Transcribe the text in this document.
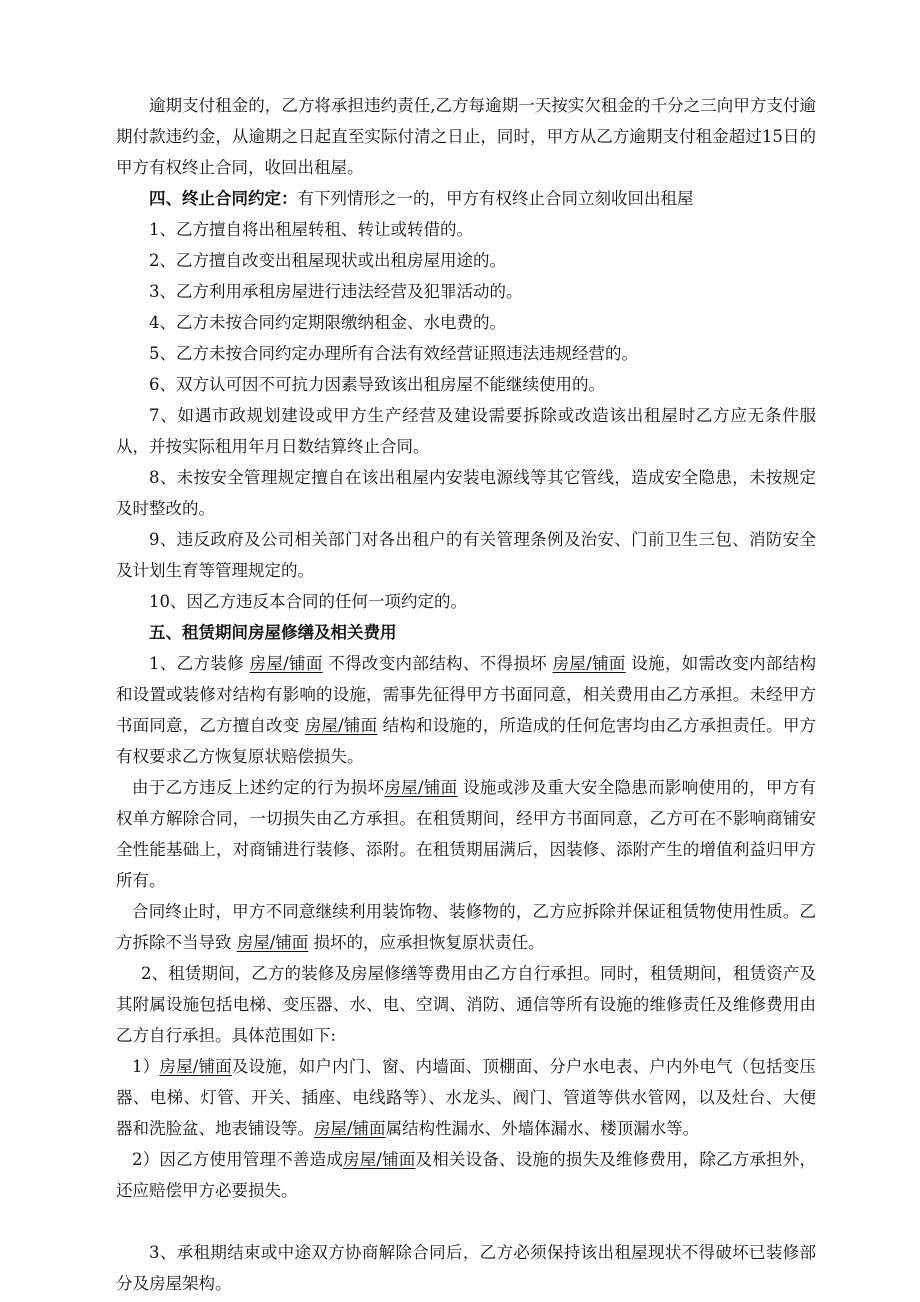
逾期支付租金的，乙方将承担违约责任,乙方每逾期一天按实欠租金的千分之三向甲方支付逾期付款违约金，从逾期之日起直至实际付清之日止，同时，甲方从乙方逾期支付租金超过15日的甲方有权终止合同，收回出租屋。

四、终止合同约定：有下列情形之一的，甲方有权终止合同立刻收回出租屋

1、乙方擅自将出租屋转租、转让或转借的。

2、乙方擅自改变出租屋现状或出租房屋用途的。

3、乙方利用承租房屋进行违法经营及犯罪活动的。

4、乙方未按合同约定期限缴纳租金、水电费的。

5、乙方未按合同约定办理所有合法有效经营证照违法违规经营的。

6、双方认可因不可抗力因素导致该出租房屋不能继续使用的。

7、如遇市政规划建设或甲方生产经营及建设需要拆除或改造该出租屋时乙方应无条件服从，并按实际租用年月日数结算终止合同。

8、未按安全管理规定擅自在该出租屋内安装电源线等其它管线，造成安全隐患，未按规定及时整改的。

9、违反政府及公司相关部门对各出租户的有关管理条例及治安、门前卫生三包、消防安全及计划生育等管理规定的。

10、因乙方违反本合同的任何一项约定的。

五、租赁期间房屋修缮及相关费用

1、乙方装修 房屋/铺面 不得改变内部结构、不得损坏 房屋/铺面 设施，如需改变内部结构和设置或装修对结构有影响的设施，需事先征得甲方书面同意，相关费用由乙方承担。未经甲方书面同意，乙方擅自改变 房屋/铺面 结构和设施的，所造成的任何危害均由乙方承担责任。甲方有权要求乙方恢复原状赔偿损失。

由于乙方违反上述约定的行为损坏房屋/铺面 设施或涉及重大安全隐患而影响使用的，甲方有权单方解除合同，一切损失由乙方承担。在租赁期间，经甲方书面同意，乙方可在不影响商铺安全性能基础上，对商铺进行装修、添附。在租赁期届满后，因装修、添附产生的增值利益归甲方所有。

合同终止时，甲方不同意继续利用装饰物、装修物的，乙方应拆除并保证租赁物使用性质。乙方拆除不当导致 房屋/铺面 损坏的，应承担恢复原状责任。

2、租赁期间，乙方的装修及房屋修缮等费用由乙方自行承担。同时，租赁期间，租赁资产及其附属设施包括电梯、变压器、水、电、空调、消防、通信等所有设施的维修责任及维修费用由乙方自行承担。具体范围如下:

1）房屋/铺面及设施，如户内门、窗、内墙面、顶棚面、分户水电表、户内外电气（包括变压器、电梯、灯管、开关、插座、电线路等）、水龙头、阀门、管道等供水管网，以及灶台、大便器和洗脸盆、地表铺设等。房屋/铺面属结构性漏水、外墙体漏水、楼顶漏水等。

2）因乙方使用管理不善造成房屋/铺面及相关设备、设施的损失及维修费用，除乙方承担外，还应赔偿甲方必要损失。

3、承租期结束或中途双方协商解除合同后，乙方必须保持该出租屋现状不得破坏已装修部分及房屋架构。
